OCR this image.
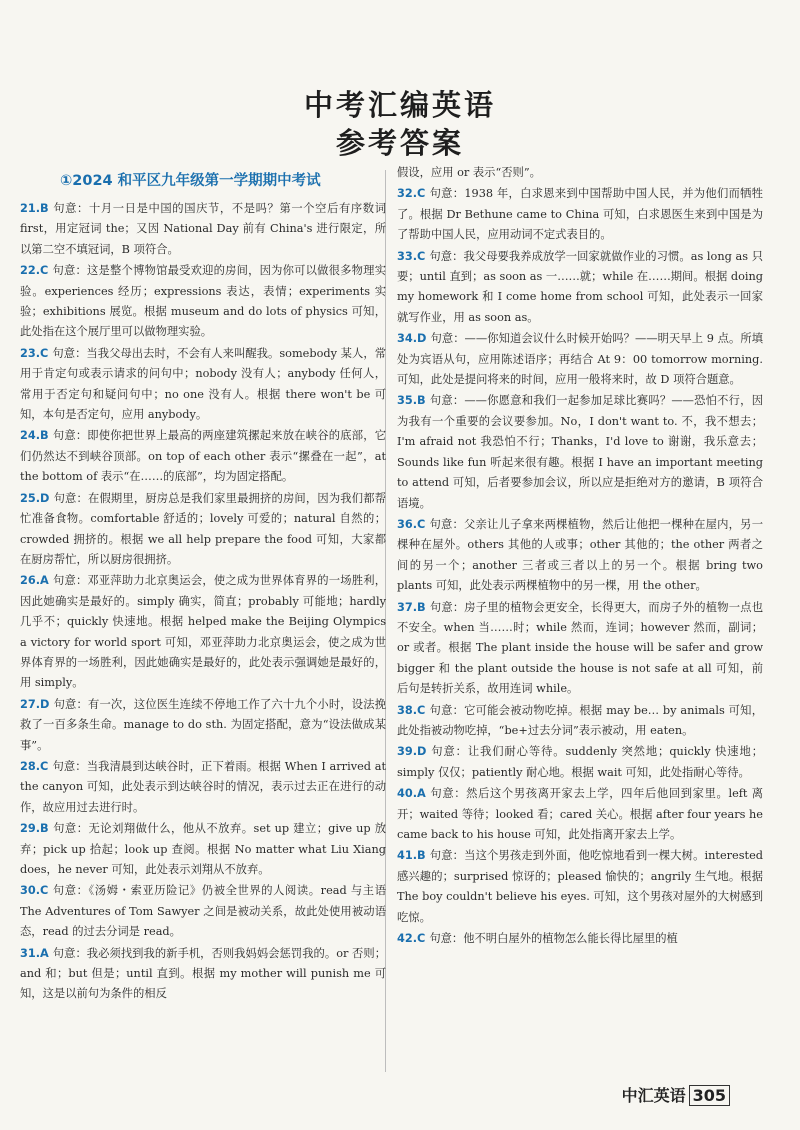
中考汇编英语
参考答案
①2024 和平区九年级第一学期期中考试
21.B 句意：十月一日是中国的国庆节，不是吗？第一个空后有序数词 first，用定冠词 the；又因 National Day 前有 China's 进行限定，所以第二空不填冠词，B 项符合。
22.C 句意：这是整个博物馆最受欢迎的房间，因为你可以做很多物理实验。experiences 经历；expressions 表达，表情；experiments 实验；exhibitions 展览。根据 museum and do lots of physics 可知，此处指在这个展厅里可以做物理实验。
23.C 句意：当我父母出去时，不会有人来叫醒我。somebody 某人，常用于肯定句或表示请求的问句中；nobody 没有人；anybody 任何人，常用于否定句和疑问句中；no one 没有人。根据 there won't be 可知，本句是否定句，应用 anybody。
24.B 句意：即使你把世界上最高的两座建筑摞起来放在峡谷的底部，它们仍然达不到峡谷顶部。on top of each other 表示“摞叠在一起”，at the bottom of 表示“在……的底部”，均为固定搭配。
25.D 句意：在假期里，厨房总是我们家里最拥挤的房间，因为我们都帮忙准备食物。comfortable 舒适的；lovely 可爱的；natural 自然的；crowded 拥挤的。根据 we all help prepare the food 可知，大家都在厨房帮忙，所以厨房很拥挤。
26.A 句意：邓亚萍助力北京奥运会，使之成为世界体育界的一场胜利，因此她确实是最好的。simply 确实，简直；probably 可能地；hardly 几乎不；quickly 快速地。根据 helped make the Beijing Olympics a victory for world sport 可知，邓亚萍助力北京奥运会，使之成为世界体育界的一场胜利，因此她确实是最好的，此处表示强调她是最好的，用 simply。
27.D 句意：有一次，这位医生连续不停地工作了六十九个小时，设法挽救了一百多条生命。manage to do sth. 为固定搭配，意为“设法做成某事”。
28.C 句意：当我清晨到达峡谷时，正下着雨。根据 When I arrived at the canyon 可知，此处表示到达峡谷时的情况，表示过去正在进行的动作，故应用过去进行时。
29.B 句意：无论刘翔做什么，他从不放弃。set up 建立；give up 放弃；pick up 拾起；look up 查阅。根据 No matter what Liu Xiang does，he never 可知，此处表示刘翔从不放弃。
30.C 句意：《汤姆・索亚历险记》仍被全世界的人阅读。read 与主语 The Adventures of Tom Sawyer 之间是被动关系，故此处使用被动语态，read 的过去分词是 read。
31.A 句意：我必须找到我的新手机，否则我妈妈会惩罚我的。or 否则；and 和；but 但是；until 直到。根据 my mother will punish me 可知，这是以前句为条件的相反
假设，应用 or 表示“否则”。
32.C 句意：1938 年，白求恩来到中国帮助中国人民，并为他们而牺牲了。根据 Dr Bethune came to China 可知，白求恩医生来到中国是为了帮助中国人民，应用动词不定式表目的。
33.C 句意：我父母要我养成放学一回家就做作业的习惯。as long as 只要；until 直到；as soon as 一……就；while 在……期间。根据 doing my homework 和 I come home from school 可知，此处表示一回家就写作业，用 as soon as。
34.D 句意：——你知道会议什么时候开始吗？——明天早上 9 点。所填处为宾语从句，应用陈述语序；再结合 At 9：00 tomorrow morning. 可知，此处是提问将来的时间，应用一般将来时，故 D 项符合题意。
35.B 句意：——你愿意和我们一起参加足球比赛吗？——恐怕不行，因为我有一个重要的会议要参加。No，I don't want to. 不，我不想去；I'm afraid not 我恐怕不行；Thanks，I'd love to 谢谢，我乐意去；Sounds like fun 听起来很有趣。根据 I have an important meeting to attend 可知，后者要参加会议，所以应是拒绝对方的邀请，B 项符合语境。
36.C 句意：父亲让儿子拿来两棵植物，然后让他把一棵种在屋内，另一棵种在屋外。others 其他的人或事；other 其他的；the other 两者之间的另一个；another 三者或三者以上的另一个。根据 bring two plants 可知，此处表示两棵植物中的另一棵，用 the other。
37.B 句意：房子里的植物会更安全，长得更大，而房子外的植物一点也不安全。when 当……时；while 然而，连词；however 然而，副词；or 或者。根据 The plant inside the house will be safer and grow bigger 和 the plant outside the house is not safe at all 可知，前后句是转折关系，故用连词 while。
38.C 句意：它可能会被动物吃掉。根据 may be… by animals 可知，此处指被动物吃掉，“be+过去分词”表示被动，用 eaten。
39.D 句意：让我们耐心等待。suddenly 突然地；quickly 快速地；simply 仅仅；patiently 耐心地。根据 wait 可知，此处指耐心等待。
40.A 句意：然后这个男孩离开家去上学，四年后他回到家里。left 离开；waited 等待；looked 看；cared 关心。根据 after four years he came back to his house 可知，此处指离开家去上学。
41.B 句意：当这个男孩走到外面，他吃惊地看到一棵大树。interested 感兴趣的；surprised 惊讶的；pleased 愉快的；angrily 生气地。根据 The boy couldn't believe his eyes. 可知，这个男孩对屋外的大树感到吃惊。
42.C 句意：他不明白屋外的植物怎么能长得比屋里的植
中汇英语 305
